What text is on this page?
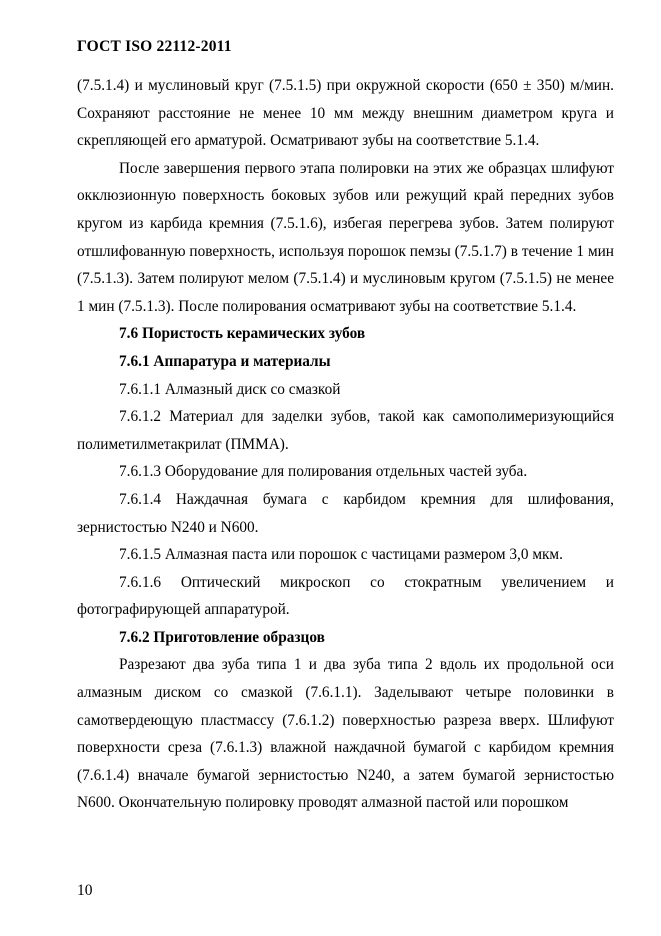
ГОСТ ISO 22112-2011

(7.5.1.4) и муслиновый круг (7.5.1.5) при окружной скорости (650 ± 350) м/мин. Сохраняют расстояние не менее 10 мм между внешним диаметром круга и скрепляющей его арматурой. Осматривают зубы на соответствие 5.1.4.

После завершения первого этапа полировки на этих же образцах шлифуют окклюзионную поверхность боковых зубов или режущий край передних зубов кругом из карбида кремния (7.5.1.6), избегая перегрева зубов. Затем полируют отшлифованную поверхность, используя порошок пемзы (7.5.1.7) в течение 1 мин (7.5.1.3). Затем полируют мелом (7.5.1.4) и муслиновым кругом (7.5.1.5) не менее 1 мин (7.5.1.3). После полирования осматривают зубы на соответствие 5.1.4.

7.6 Пористость керамических зубов

7.6.1 Аппаратура и материалы

7.6.1.1 Алмазный диск со смазкой

7.6.1.2 Материал для заделки зубов, такой как самополимеризующийся полиметилметакрилат (ПММА).

7.6.1.3 Оборудование для полирования отдельных частей зуба.

7.6.1.4 Наждачная бумага с карбидом кремния для шлифования, зернистостью N240 и N600.

7.6.1.5 Алмазная паста или порошок с частицами размером 3,0 мкм.

7.6.1.6 Оптический микроскоп со стократным увеличением и фотографирующей аппаратурой.

7.6.2 Приготовление образцов

Разрезают два зуба типа 1 и два зуба типа 2 вдоль их продольной оси алмазным диском со смазкой (7.6.1.1). Заделывают четыре половинки в самотвердеющую пластмассу (7.6.1.2) поверхностью разреза вверх. Шлифуют поверхности среза (7.6.1.3) влажной наждачной бумагой с карбидом кремния (7.6.1.4) вначале бумагой зернистостью N240, а затем бумагой зернистостью N600. Окончательную полировку проводят алмазной пастой или порошком

10
